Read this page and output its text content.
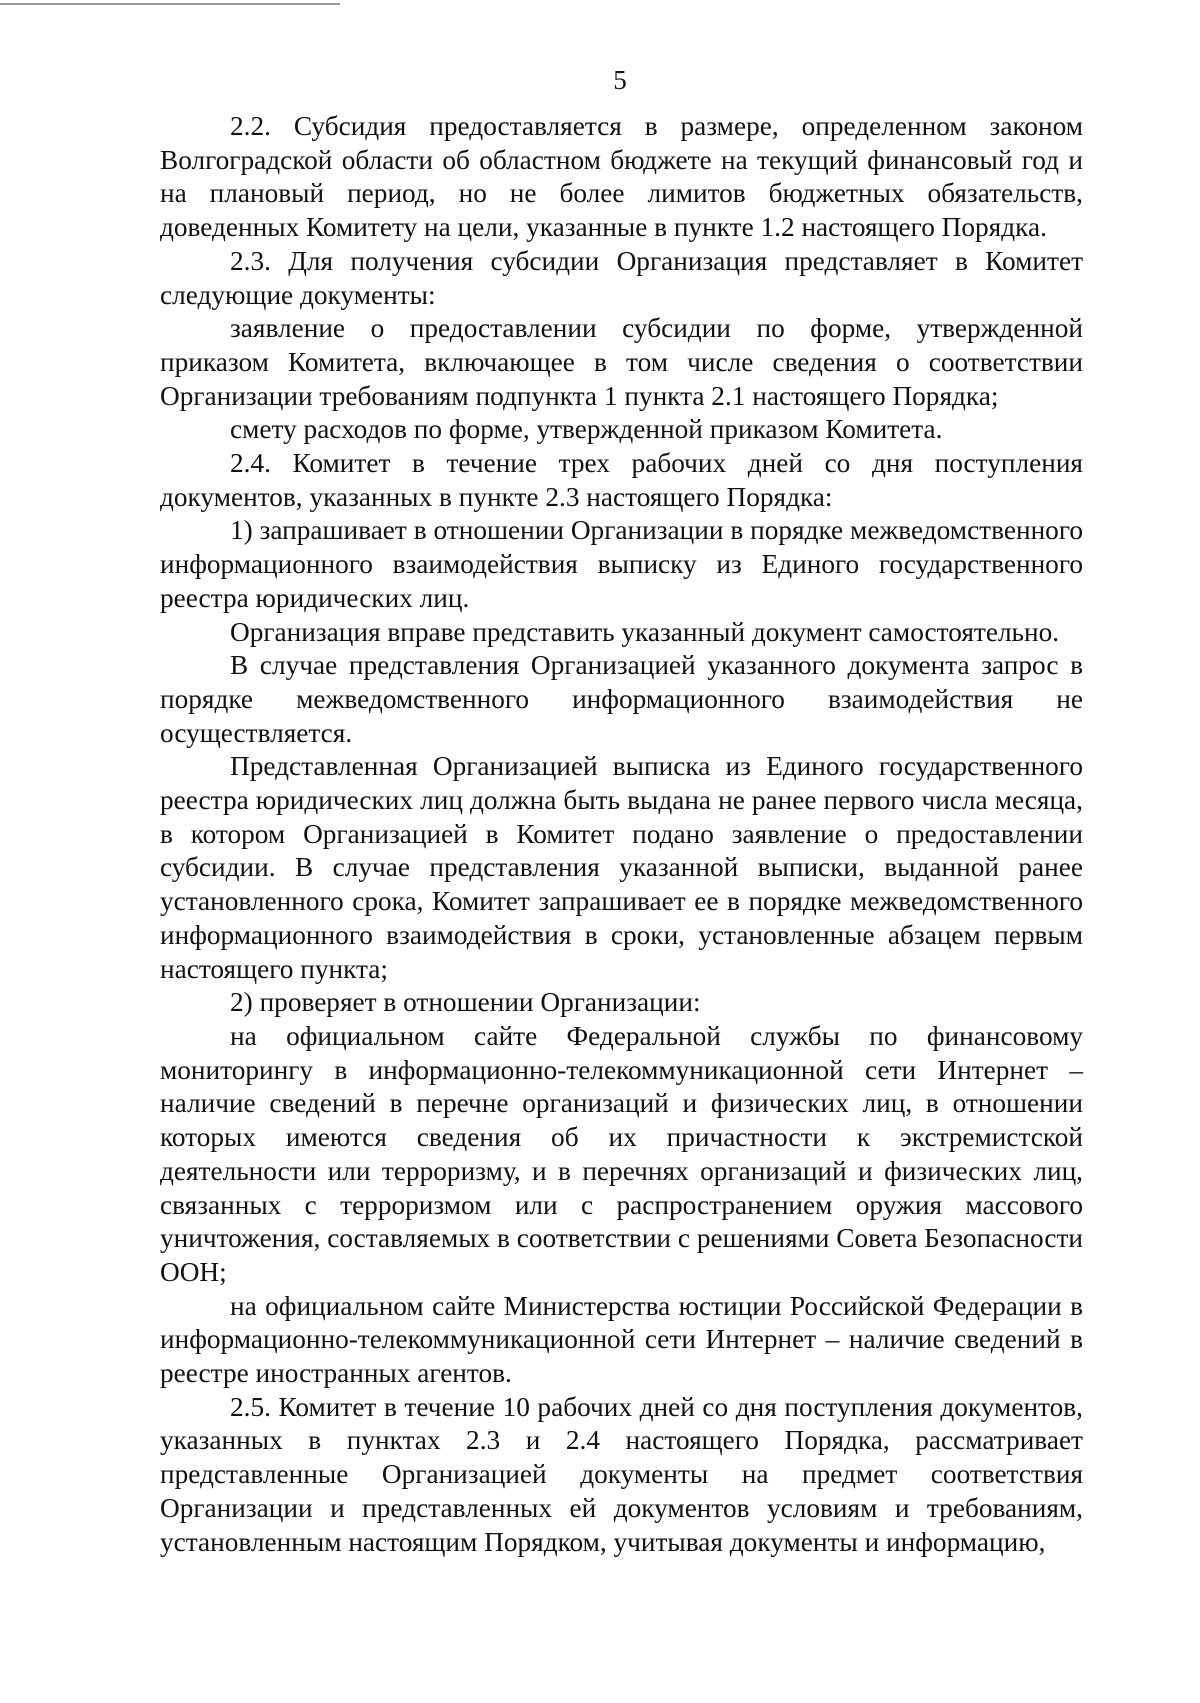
5

2.2. Субсидия предоставляется в размере, определенном законом Волгоградской области об областном бюджете на текущий финансовый год и на плановый период, но не более лимитов бюджетных обязательств, доведенных Комитету на цели, указанные в пункте 1.2 настоящего Порядка.

2.3. Для получения субсидии Организация представляет в Комитет следующие документы:

заявление о предоставлении субсидии по форме, утвержденной приказом Комитета, включающее в том числе сведения о соответствии Организации требованиям подпункта 1 пункта 2.1 настоящего Порядка;

смету расходов по форме, утвержденной приказом Комитета.

2.4. Комитет в течение трех рабочих дней со дня поступления документов, указанных в пункте 2.3 настоящего Порядка:

1) запрашивает в отношении Организации в порядке межведомственного информационного взаимодействия выписку из Единого государственного реестра юридических лиц.

Организация вправе представить указанный документ самостоятельно.

В случае представления Организацией указанного документа запрос в порядке межведомственного информационного взаимодействия не осуществляется.

Представленная Организацией выписка из Единого государственного реестра юридических лиц должна быть выдана не ранее первого числа месяца, в котором Организацией в Комитет подано заявление о предоставлении субсидии. В случае представления указанной выписки, выданной ранее установленного срока, Комитет запрашивает ее в порядке межведомственного информационного взаимодействия в сроки, установленные абзацем первым настоящего пункта;

2) проверяет в отношении Организации:

на официальном сайте Федеральной службы по финансовому мониторингу в информационно-телекоммуникационной сети Интернет – наличие сведений в перечне организаций и физических лиц, в отношении которых имеются сведения об их причастности к экстремистской деятельности или терроризму, и в перечнях организаций и физических лиц, связанных с терроризмом или с распространением оружия массового уничтожения, составляемых в соответствии с решениями Совета Безопасности ООН;

на официальном сайте Министерства юстиции Российской Федерации в информационно-телекоммуникационной сети Интернет – наличие сведений в реестре иностранных агентов.

2.5. Комитет в течение 10 рабочих дней со дня поступления документов, указанных в пунктах 2.3 и 2.4 настоящего Порядка, рассматривает представленные Организацией документы на предмет соответствия Организации и представленных ей документов условиям и требованиям, установленным настоящим Порядком, учитывая документы и информацию,
